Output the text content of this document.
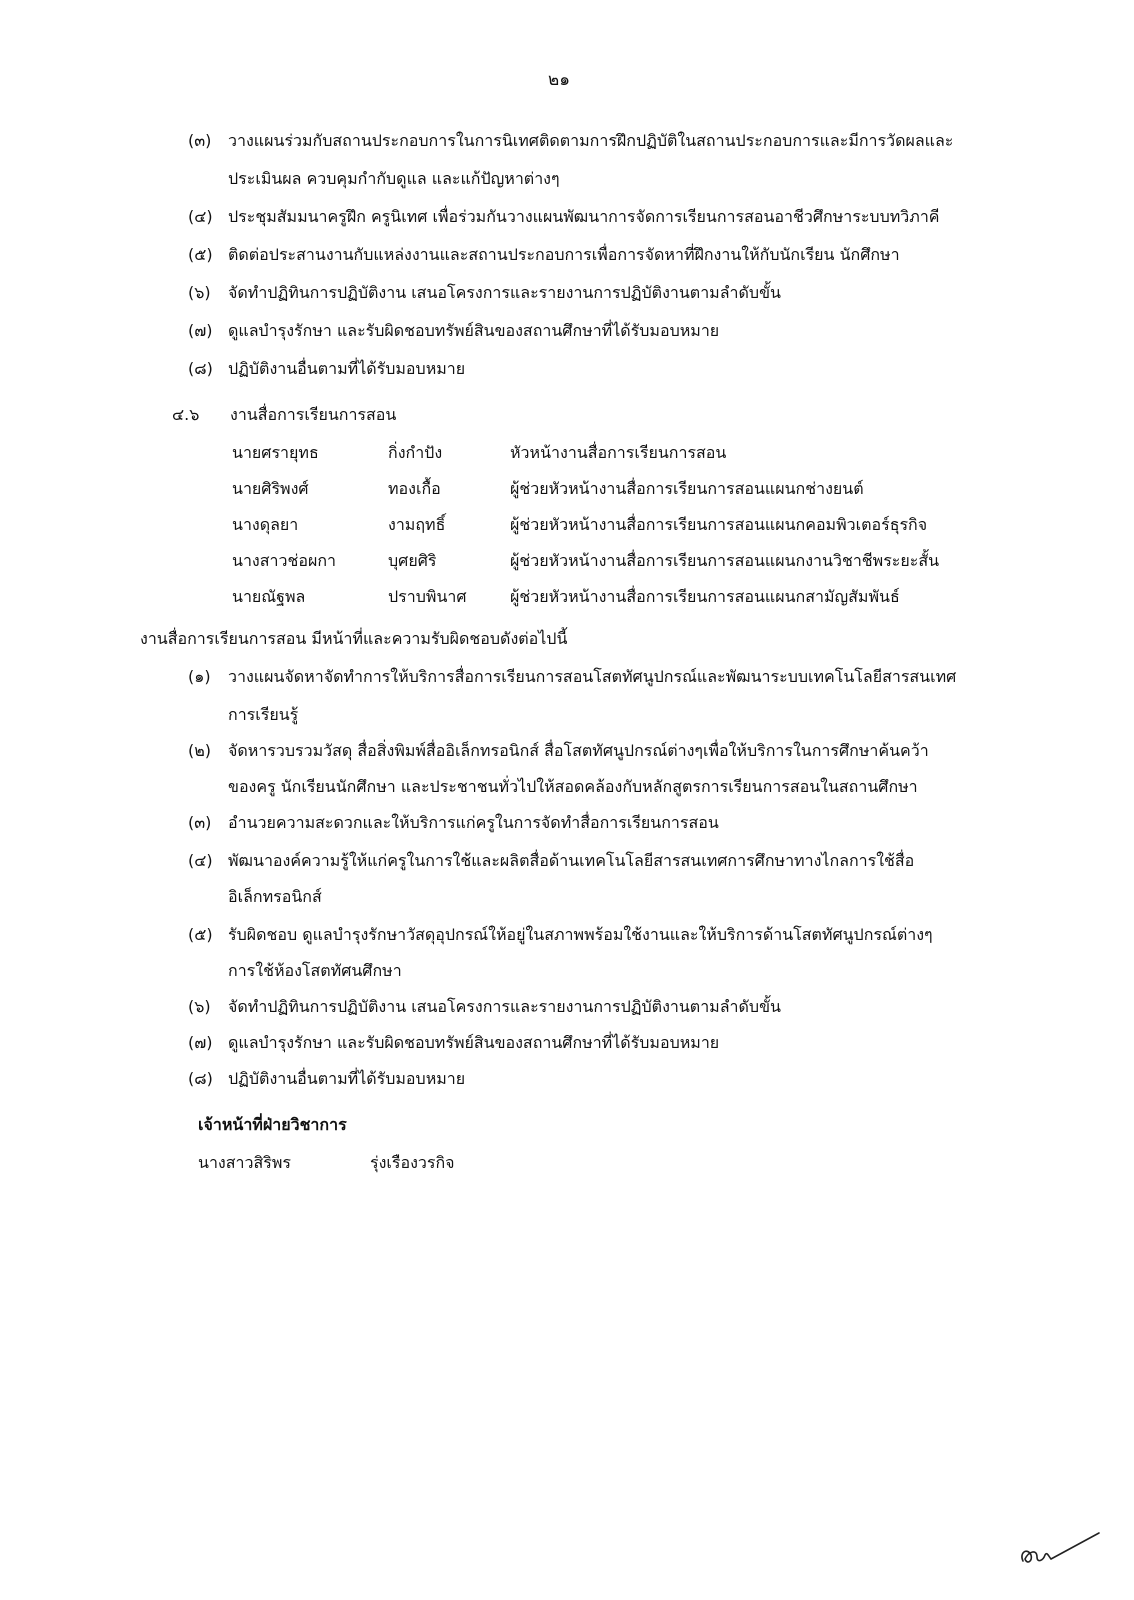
๒๑
(๓) วางแผนร่วมกับสถานประกอบการในการนิเทศติดตามการฝึกปฏิบัติในสถานประกอบการและมีการวัดผลและ
ประเมินผล ควบคุมกำกับดูแล และแก้ปัญหาต่างๆ
(๔) ประชุมสัมมนาครูฝึก ครูนิเทศ เพื่อร่วมกันวางแผนพัฒนาการจัดการเรียนการสอนอาชีวศึกษาระบบทวิภาคี
(๕) ติดต่อประสานงานกับแหล่งงานและสถานประกอบการเพื่อการจัดหาที่ฝึกงานให้กับนักเรียน นักศึกษา
(๖) จัดทำปฏิทินการปฏิบัติงาน เสนอโครงการและรายงานการปฏิบัติงานตามลำดับขั้น
(๗) ดูแลบำรุงรักษา และรับผิดชอบทรัพย์สินของสถานศึกษาที่ได้รับมอบหมาย
(๘) ปฏิบัติงานอื่นตามที่ได้รับมอบหมาย
๔.๖ งานสื่อการเรียนการสอน
นายศรายุทธ	กิ่งกำปัง	หัวหน้างานสื่อการเรียนการสอน
นายศิริพงศ์	ทองเกื้อ	ผู้ช่วยหัวหน้างานสื่อการเรียนการสอนแผนกช่างยนต์
นางดุลยา	งามฤทธิ์	ผู้ช่วยหัวหน้างานสื่อการเรียนการสอนแผนกคอมพิวเตอร์ธุรกิจ
นางสาวช่อผกา	บุศยศิริ	ผู้ช่วยหัวหน้างานสื่อการเรียนการสอนแผนกงานวิชาชีพระยะสั้น
นายณัฐพล	ปราบพินาศ	ผู้ช่วยหัวหน้างานสื่อการเรียนการสอนแผนกสามัญสัมพันธ์
งานสื่อการเรียนการสอน มีหน้าที่และความรับผิดชอบดังต่อไปนี้
(๑) วางแผนจัดหาจัดทำการให้บริการสื่อการเรียนการสอนโสตทัศนูปกรณ์และพัฒนาระบบเทคโนโลยีสารสนเทศ
การเรียนรู้
(๒) จัดหารวบรวมวัสดุ สื่อสิ่งพิมพ์สื่ออิเล็กทรอนิกส์ สื่อโสตทัศนูปกรณ์ต่างๆเพื่อให้บริการในการศึกษาค้นคว้า
ของครู นักเรียนนักศึกษา และประชาชนทั่วไปให้สอดคล้องกับหลักสูตรการเรียนการสอนในสถานศึกษา
(๓) อำนวยความสะดวกและให้บริการแก่ครูในการจัดทำสื่อการเรียนการสอน
(๔) พัฒนาองค์ความรู้ให้แก่ครูในการใช้และผลิตสื่อด้านเทคโนโลยีสารสนเทศการศึกษาทางไกลการใช้สื่อ
อิเล็กทรอนิกส์
(๕) รับผิดชอบ ดูแลบำรุงรักษาวัสดุอุปกรณ์ให้อยู่ในสภาพพร้อมใช้งานและให้บริการด้านโสตทัศนูปกรณ์ต่างๆ
การใช้ห้องโสตทัศนศึกษา
(๖) จัดทำปฏิทินการปฏิบัติงาน เสนอโครงการและรายงานการปฏิบัติงานตามลำดับขั้น
(๗) ดูแลบำรุงรักษา และรับผิดชอบทรัพย์สินของสถานศึกษาที่ได้รับมอบหมาย
(๘) ปฏิบัติงานอื่นตามที่ได้รับมอบหมาย
เจ้าหน้าที่ฝ่ายวิชาการ
นางสาวสิริพร	รุ่งเรืองวรกิจ
